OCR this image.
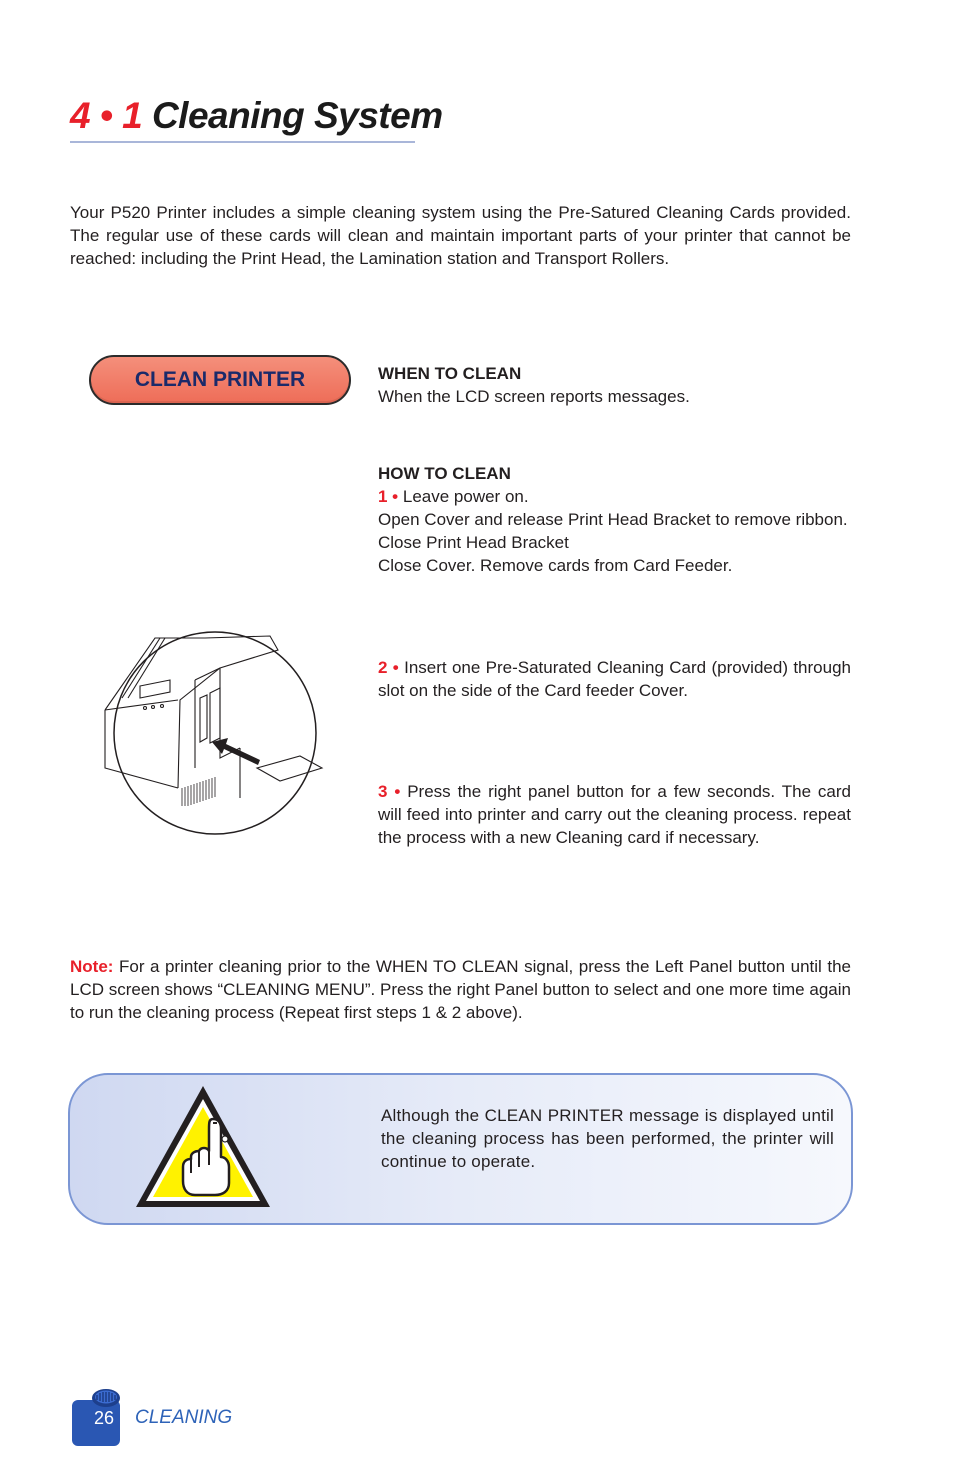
4 • 1 Cleaning System
Your P520 Printer includes a simple cleaning system using the Pre-Satured Cleaning Cards provided. The regular use of these cards will clean and maintain important parts of your printer that cannot be reached: including the Print Head, the Lamination station and Transport Rollers.
CLEAN PRINTER	WHEN TO CLEAN
When the LCD screen reports messages.
HOW TO CLEAN
1 • Leave power on.
Open Cover and release Print Head Bracket to remove ribbon.
Close Print Head Bracket
Close Cover. Remove cards from Card Feeder.
2 • Insert one Pre-Saturated Cleaning Card (provided) through slot on the side of the Card feeder Cover.
3 • Press the right panel button for a few seconds. The card will feed into printer and carry out the cleaning process. repeat the process with a new Cleaning card if necessary.
Note: For a printer cleaning prior to the WHEN TO CLEAN signal, press the Left Panel button until the LCD screen shows “CLEANING MENU”. Press the right Panel button to select and one more time again to run the cleaning process (Repeat first steps 1 & 2 above).
Although the CLEAN PRINTER message is displayed until the cleaning process has been performed, the printer will continue to operate.
26 CLEANING
